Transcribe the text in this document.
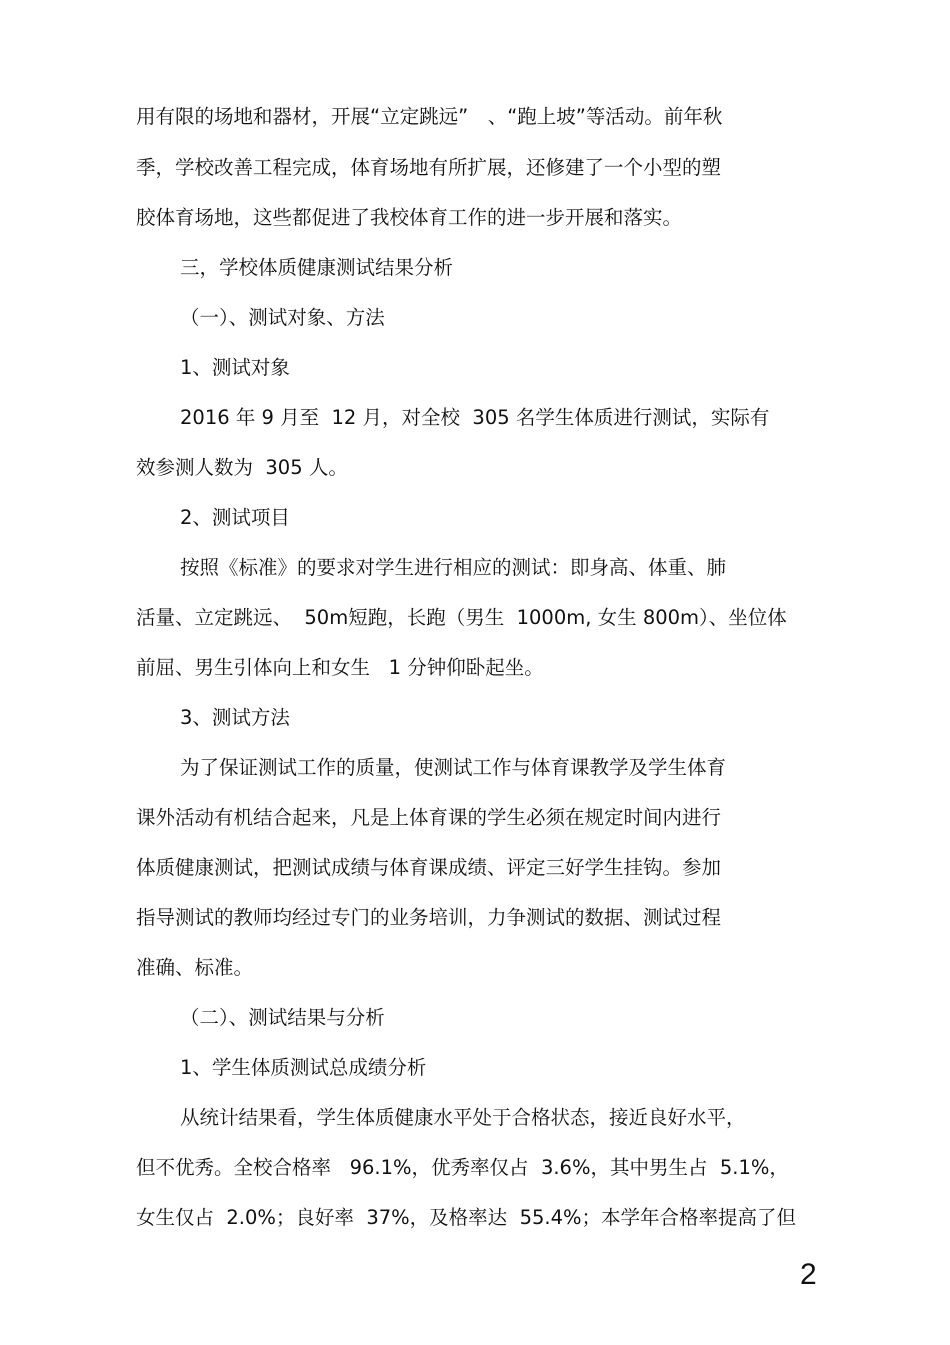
用有限的场地和器材，开展“立定跳远”　、“跑上坡”等活动。前年秋

季，学校改善工程完成，体育场地有所扩展，还修建了一个小型的塑

胶体育场地，这些都促进了我校体育工作的进一步开展和落实。

三，学校体质健康测试结果分析

（一）、测试对象、方法

1、测试对象

2016 年 9 月至  12 月，对全校  305 名学生体质进行测试，实际有

效参测人数为  305 人。

2、测试项目

按照《标准》的要求对学生进行相应的测试：即身高、体重、肺

活量、立定跳远、  50m短跑，长跑（男生  1000m, 女生 800m）、坐位体

前屈、男生引体向上和女生   1 分钟仰卧起坐。

3、测试方法

为了保证测试工作的质量，使测试工作与体育课教学及学生体育

课外活动有机结合起来，凡是上体育课的学生必须在规定时间内进行

体质健康测试，把测试成绩与体育课成绩、评定三好学生挂钩。参加

指导测试的教师均经过专门的业务培训，力争测试的数据、测试过程

准确、标准。

（二）、测试结果与分析

1、学生体质测试总成绩分析

从统计结果看，学生体质健康水平处于合格状态，接近良好水平，

但不优秀。全校合格率   96.1%，优秀率仅占  3.6%，其中男生占  5.1%，

女生仅占  2.0%；良好率  37%，及格率达  55.4%；本学年合格率提高了但

2
